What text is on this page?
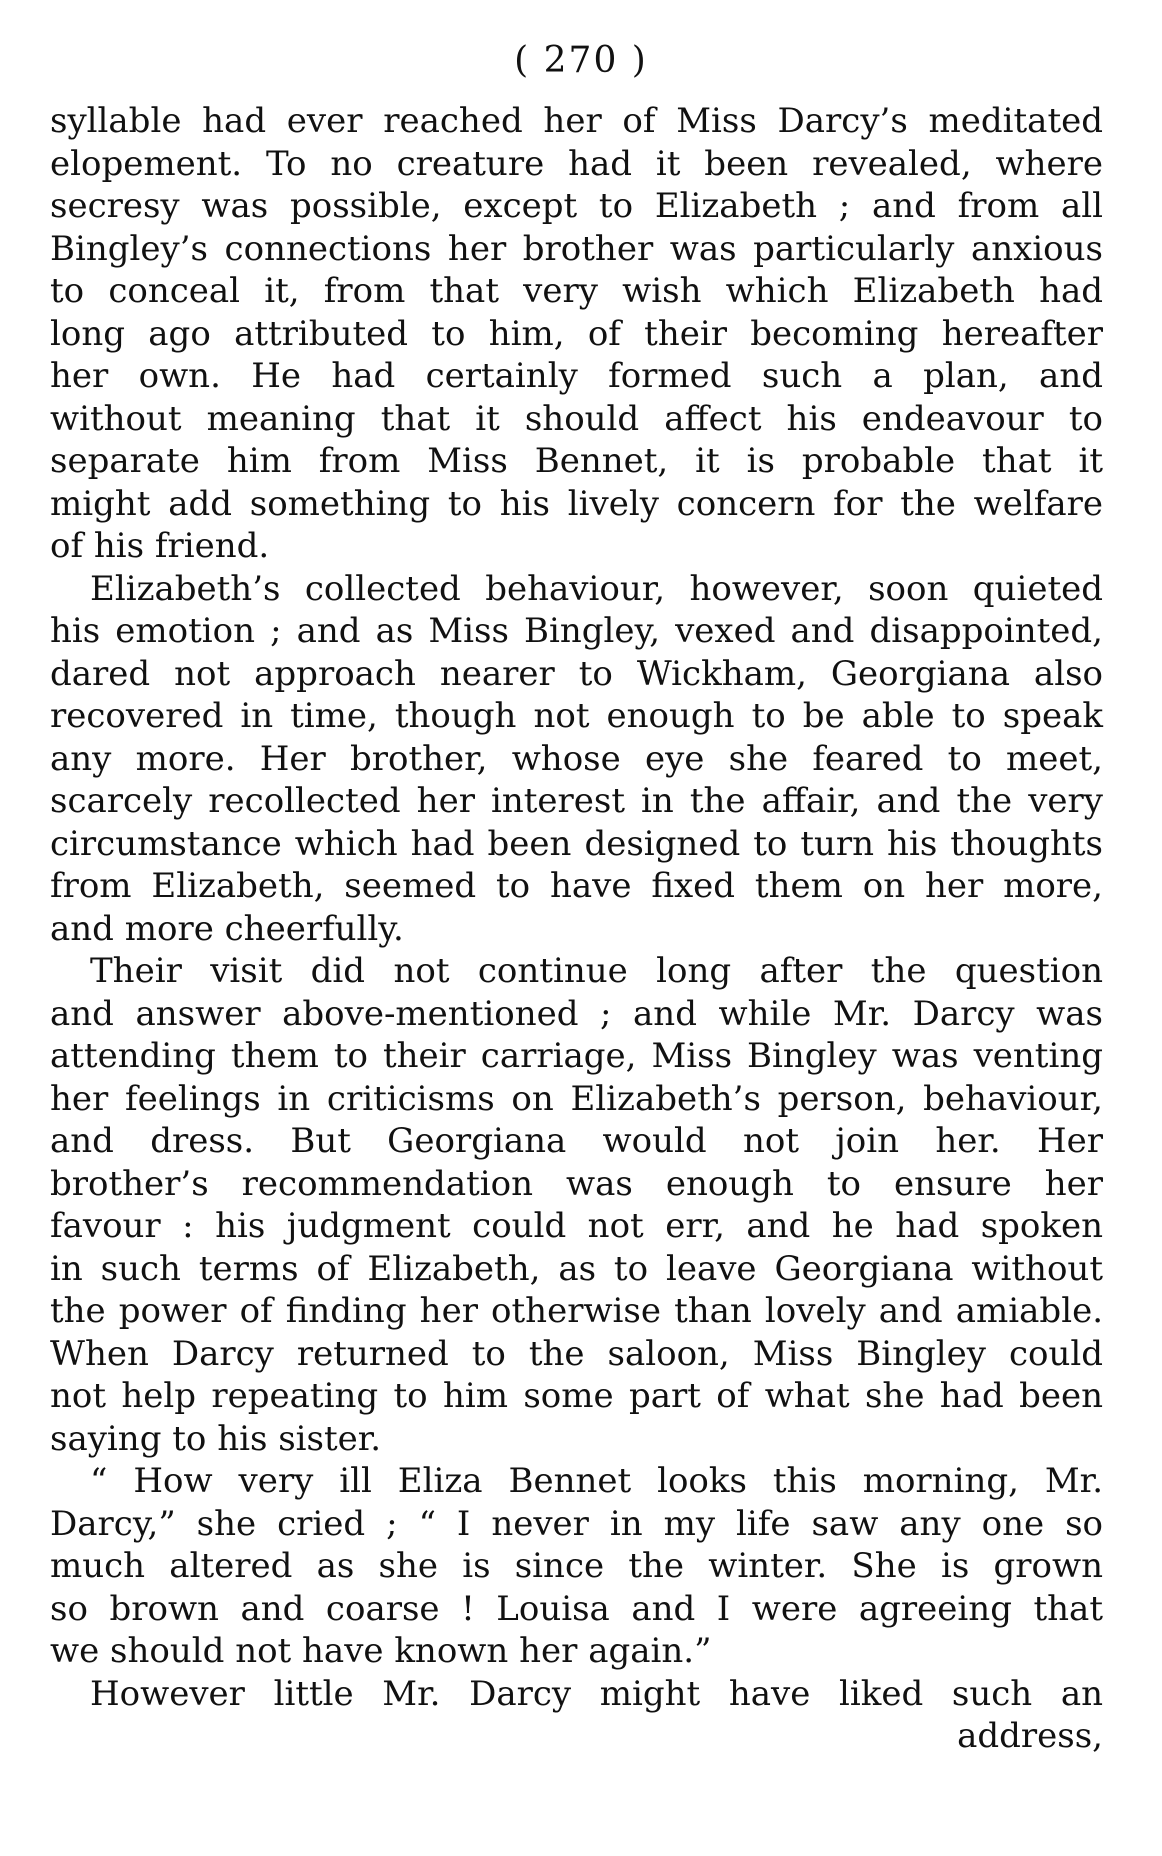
( 270 )
syllable had ever reached her of Miss Darcy’s meditated
elopement. To no creature had it been revealed, where
secresy was possible, except to Elizabeth ; and from all
Bingley’s connections her brother was particularly anxious
to conceal it, from that very wish which Elizabeth had
long ago attributed to him, of their becoming hereafter
her own. He had certainly formed such a plan, and
without meaning that it should affect his endeavour to
separate him from Miss Bennet, it is probable that it
might add something to his lively concern for the welfare
of his friend.
Elizabeth’s collected behaviour, however, soon quieted
his emotion ; and as Miss Bingley, vexed and disappointed,
dared not approach nearer to Wickham, Georgiana also
recovered in time, though not enough to be able to speak
any more. Her brother, whose eye she feared to meet,
scarcely recollected her interest in the affair, and the very
circumstance which had been designed to turn his thoughts
from Elizabeth, seemed to have fixed them on her more,
and more cheerfully.
Their visit did not continue long after the question
and answer above-mentioned ; and while Mr. Darcy was
attending them to their carriage, Miss Bingley was venting
her feelings in criticisms on Elizabeth’s person, behaviour,
and dress. But Georgiana would not join her. Her
brother’s recommendation was enough to ensure her
favour : his judgment could not err, and he had spoken
in such terms of Elizabeth, as to leave Georgiana without
the power of finding her otherwise than lovely and amiable.
When Darcy returned to the saloon, Miss Bingley could
not help repeating to him some part of what she had been
saying to his sister.
“ How very ill Eliza Bennet looks this morning, Mr.
Darcy,” she cried ; “ I never in my life saw any one so
much altered as she is since the winter. She is grown
so brown and coarse ! Louisa and I were agreeing that
we should not have known her again.”
However little Mr. Darcy might have liked such an
address,
